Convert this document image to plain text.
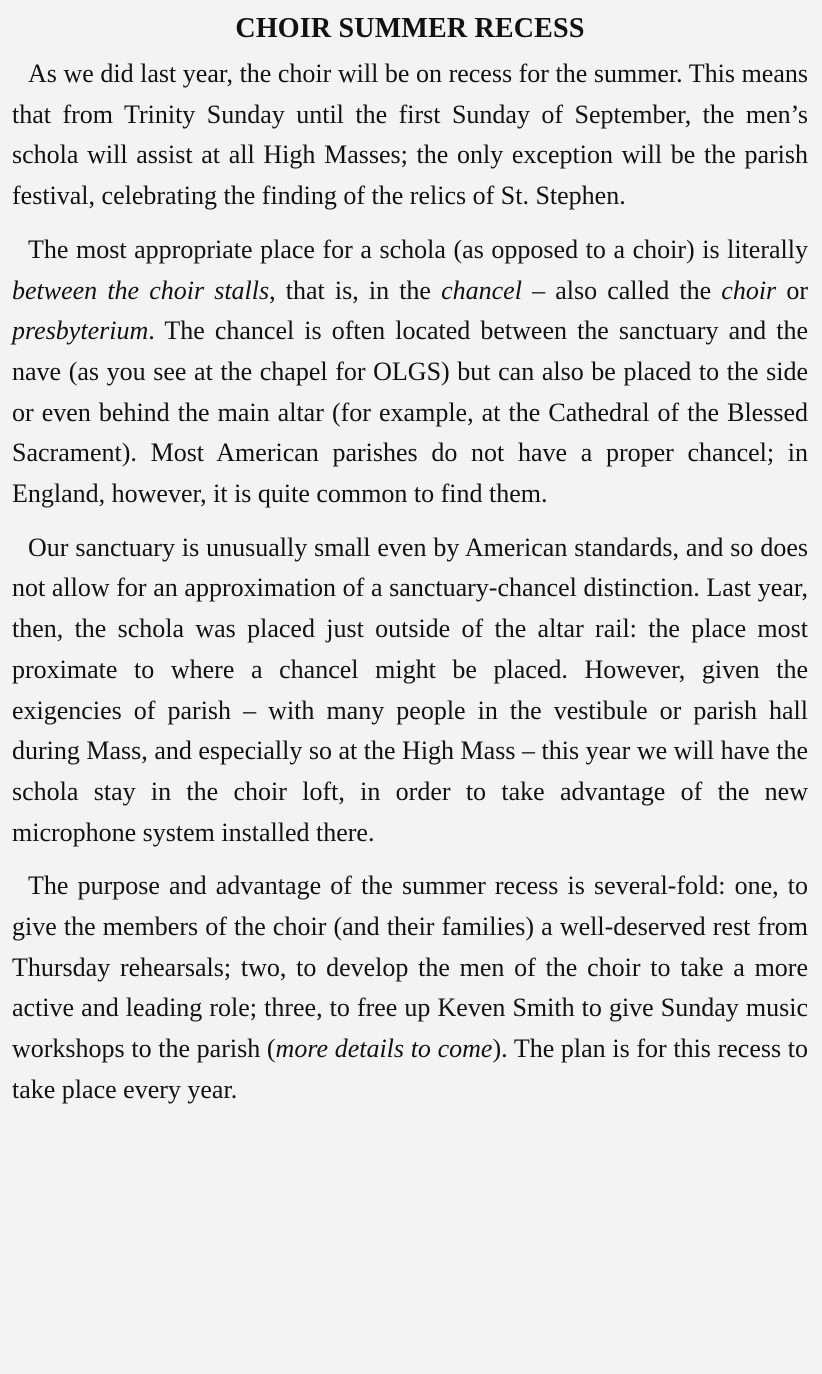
CHOIR SUMMER RECESS

As we did last year, the choir will be on recess for the summer. This means that from Trinity Sunday until the first Sunday of September, the men’s schola will assist at all High Masses; the only exception will be the parish festival, celebrating the finding of the relics of St. Stephen.

The most appropriate place for a schola (as opposed to a choir) is literally between the choir stalls, that is, in the chancel – also called the choir or presbyterium. The chancel is often located between the sanctuary and the nave (as you see at the chapel for OLGS) but can also be placed to the side or even behind the main altar (for example, at the Cathedral of the Blessed Sacrament). Most American parishes do not have a proper chancel; in England, however, it is quite common to find them.

Our sanctuary is unusually small even by American standards, and so does not allow for an approximation of a sanctuary-chancel distinction. Last year, then, the schola was placed just outside of the altar rail: the place most proximate to where a chancel might be placed. However, given the exigencies of parish – with many people in the vestibule or parish hall during Mass, and especially so at the High Mass – this year we will have the schola stay in the choir loft, in order to take advantage of the new microphone system installed there.

The purpose and advantage of the summer recess is several-fold: one, to give the members of the choir (and their families) a well-deserved rest from Thursday rehearsals; two, to develop the men of the choir to take a more active and leading role; three, to free up Keven Smith to give Sunday music workshops to the parish (more details to come). The plan is for this recess to take place every year.
